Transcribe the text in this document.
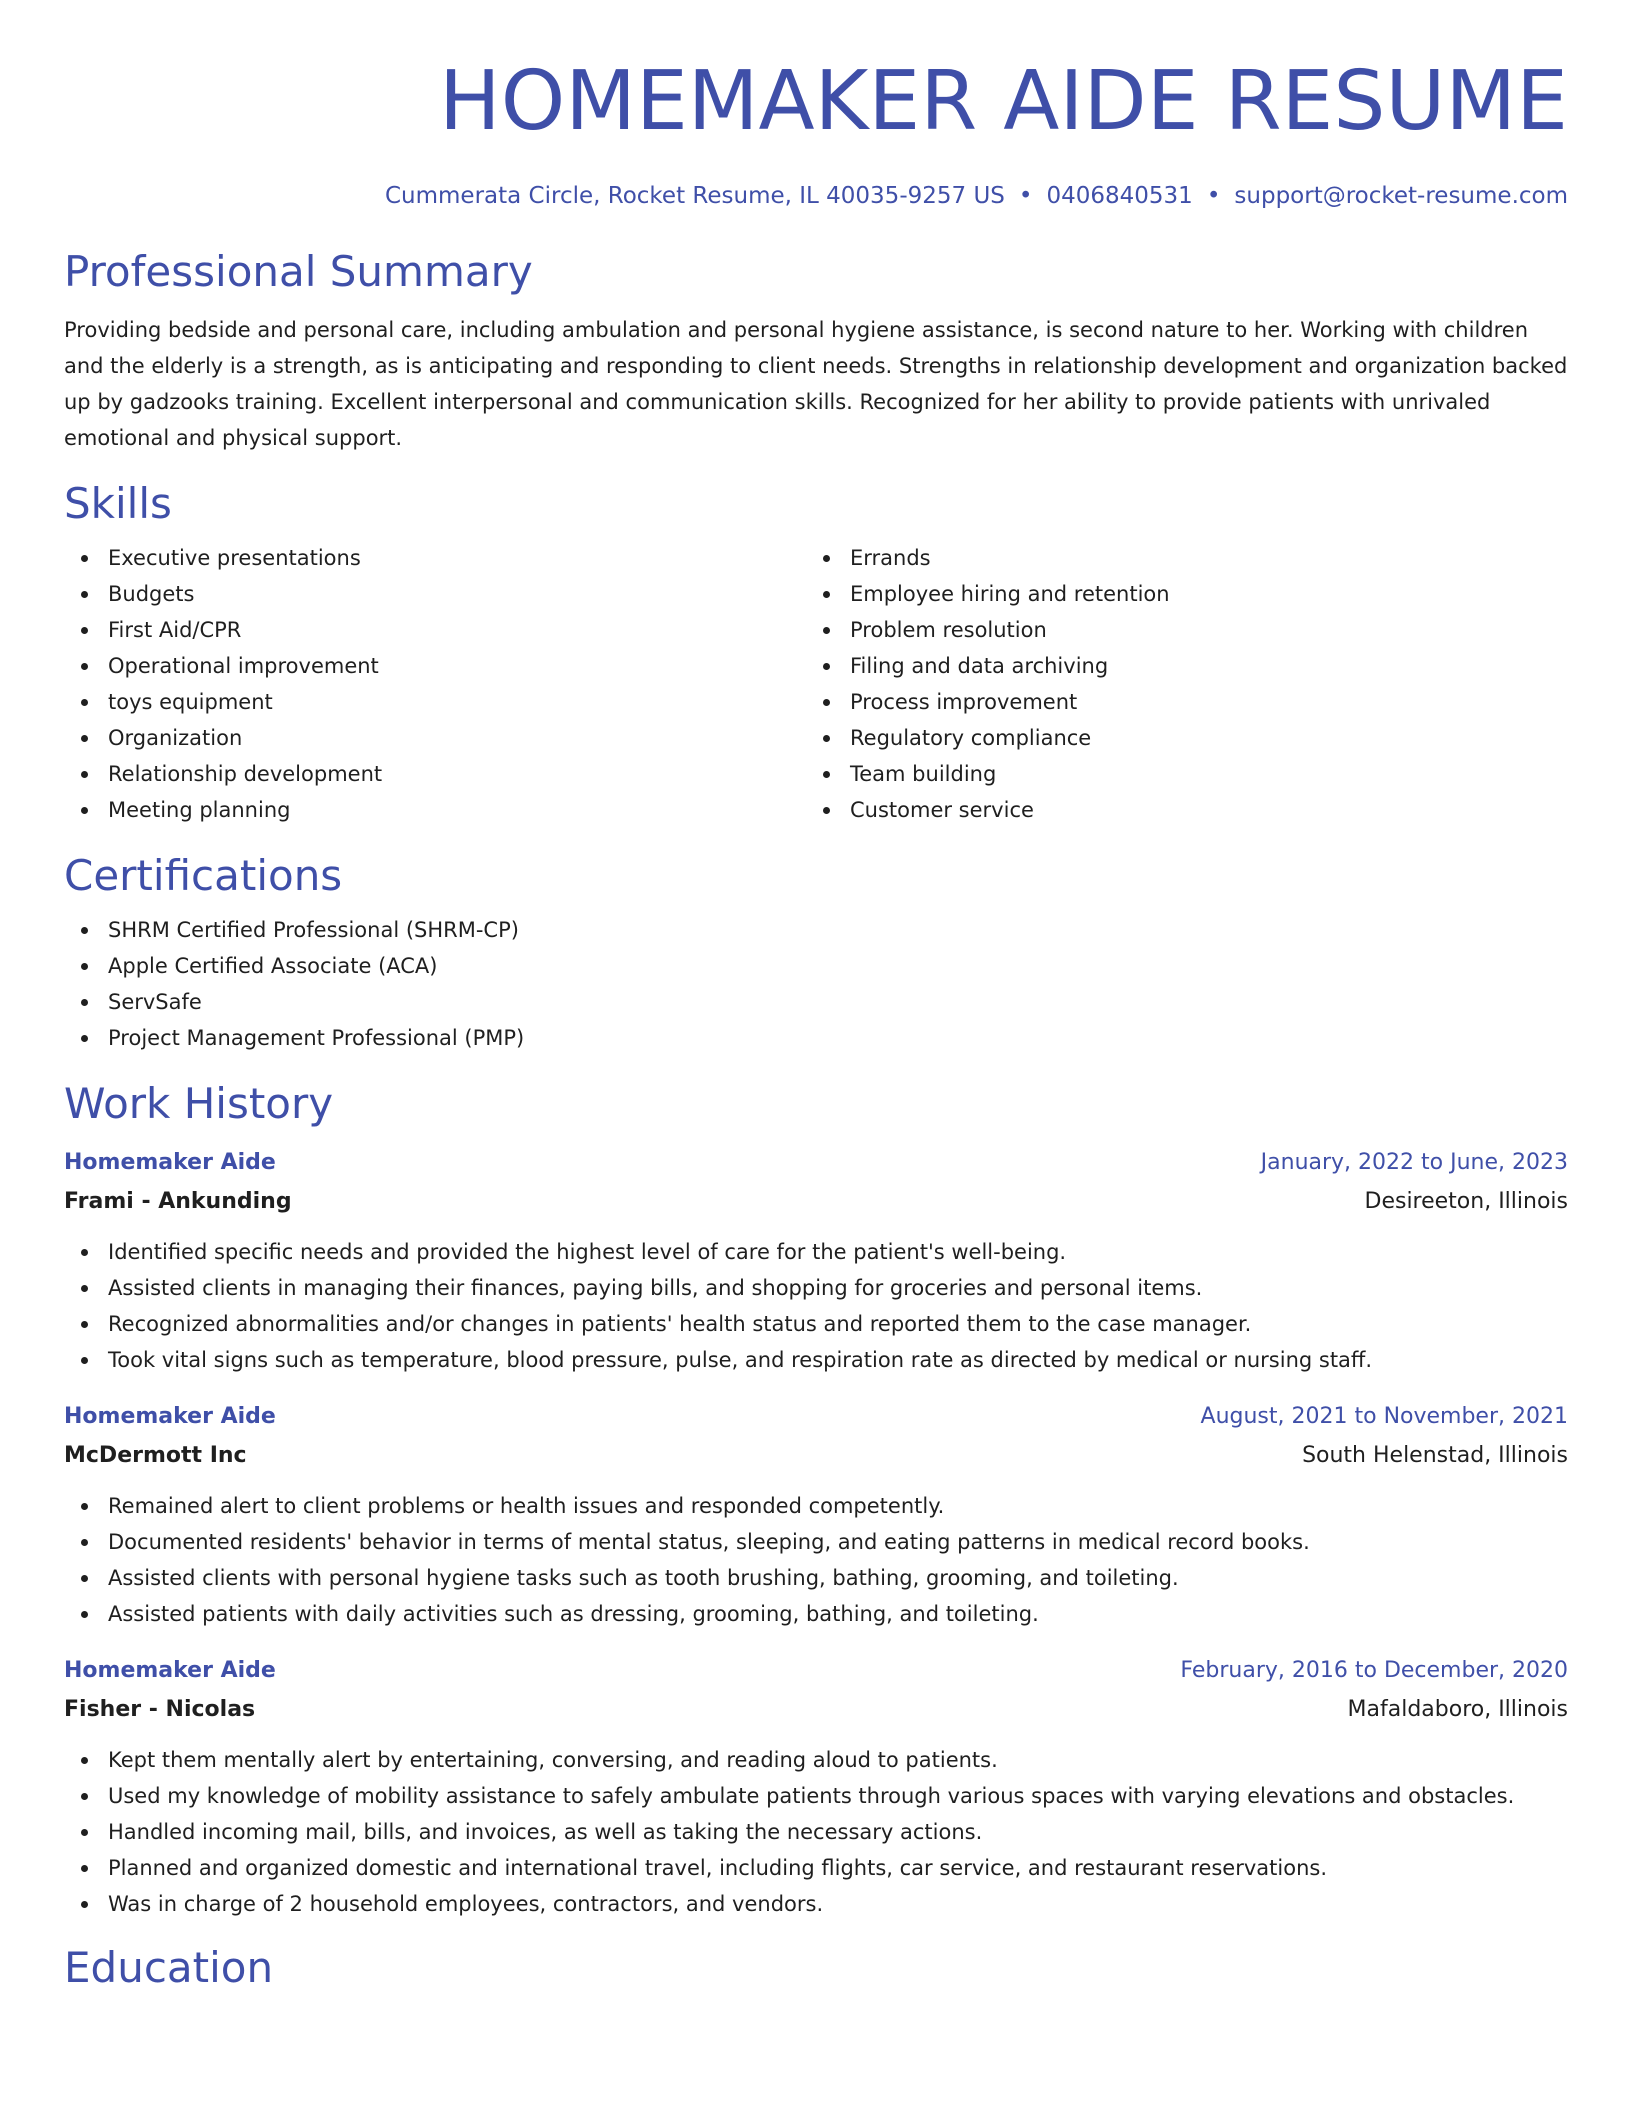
HOMEMAKER AIDE RESUME
Cummerata Circle, Rocket Resume, IL 40035-9257 US • 0406840531 • support@rocket-resume.com
Professional Summary

Providing bedside and personal care, including ambulation and personal hygiene assistance, is second nature to her. Working with children and the elderly is a strength, as is anticipating and responding to client needs. Strengths in relationship development and organization backed up by gadzooks training. Excellent interpersonal and communication skills. Recognized for her ability to provide patients with unrivaled emotional and physical support.

Skills
Executive presentations
Budgets
First Aid/CPR
Operational improvement
toys equipment
Organization
Relationship development
Meeting planning
Errands
Employee hiring and retention
Problem resolution
Filing and data archiving
Process improvement
Regulatory compliance
Team building
Customer service
Certifications
SHRM Certified Professional (SHRM-CP)
Apple Certified Associate (ACA)
ServSafe
Project Management Professional (PMP)
Work History
Homemaker Aide	January, 2022 to June, 2023
Frami - Ankunding	Desireeton, Illinois
Identified specific needs and provided the highest level of care for the patient's well-being.
Assisted clients in managing their finances, paying bills, and shopping for groceries and personal items.
Recognized abnormalities and/or changes in patients' health status and reported them to the case manager.
Took vital signs such as temperature, blood pressure, pulse, and respiration rate as directed by medical or nursing staff.
Homemaker Aide	August, 2021 to November, 2021
McDermott Inc	South Helenstad, Illinois
Remained alert to client problems or health issues and responded competently.
Documented residents' behavior in terms of mental status, sleeping, and eating patterns in medical record books.
Assisted clients with personal hygiene tasks such as tooth brushing, bathing, grooming, and toileting.
Assisted patients with daily activities such as dressing, grooming, bathing, and toileting.
Homemaker Aide	February, 2016 to December, 2020
Fisher - Nicolas	Mafaldaboro, Illinois
Kept them mentally alert by entertaining, conversing, and reading aloud to patients.
Used my knowledge of mobility assistance to safely ambulate patients through various spaces with varying elevations and obstacles.
Handled incoming mail, bills, and invoices, as well as taking the necessary actions.
Planned and organized domestic and international travel, including flights, car service, and restaurant reservations.
Was in charge of 2 household employees, contractors, and vendors.
Education
